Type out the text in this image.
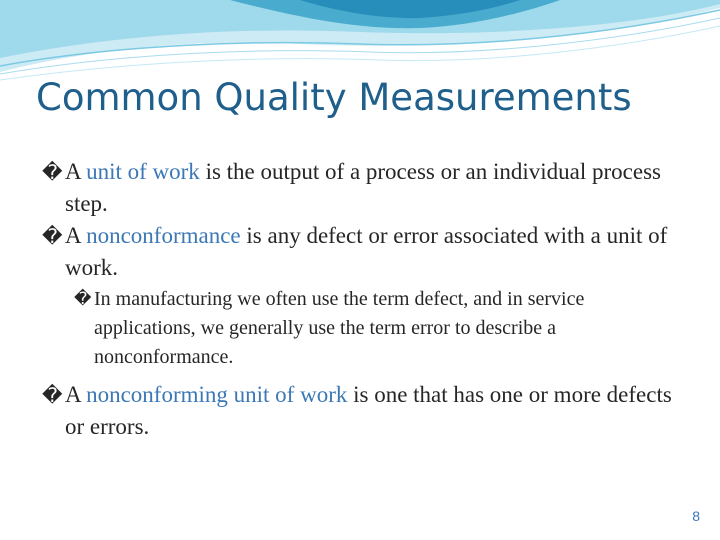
Common Quality Measurements
� A unit of work is the output of a process or an individual process step.
� A nonconformance is any defect or error associated with a unit of work.
� In manufacturing we often use the term defect, and in service applications, we generally use the term error to describe a nonconformance.
� A nonconforming unit of work is one that has one or more defects or errors.
8
